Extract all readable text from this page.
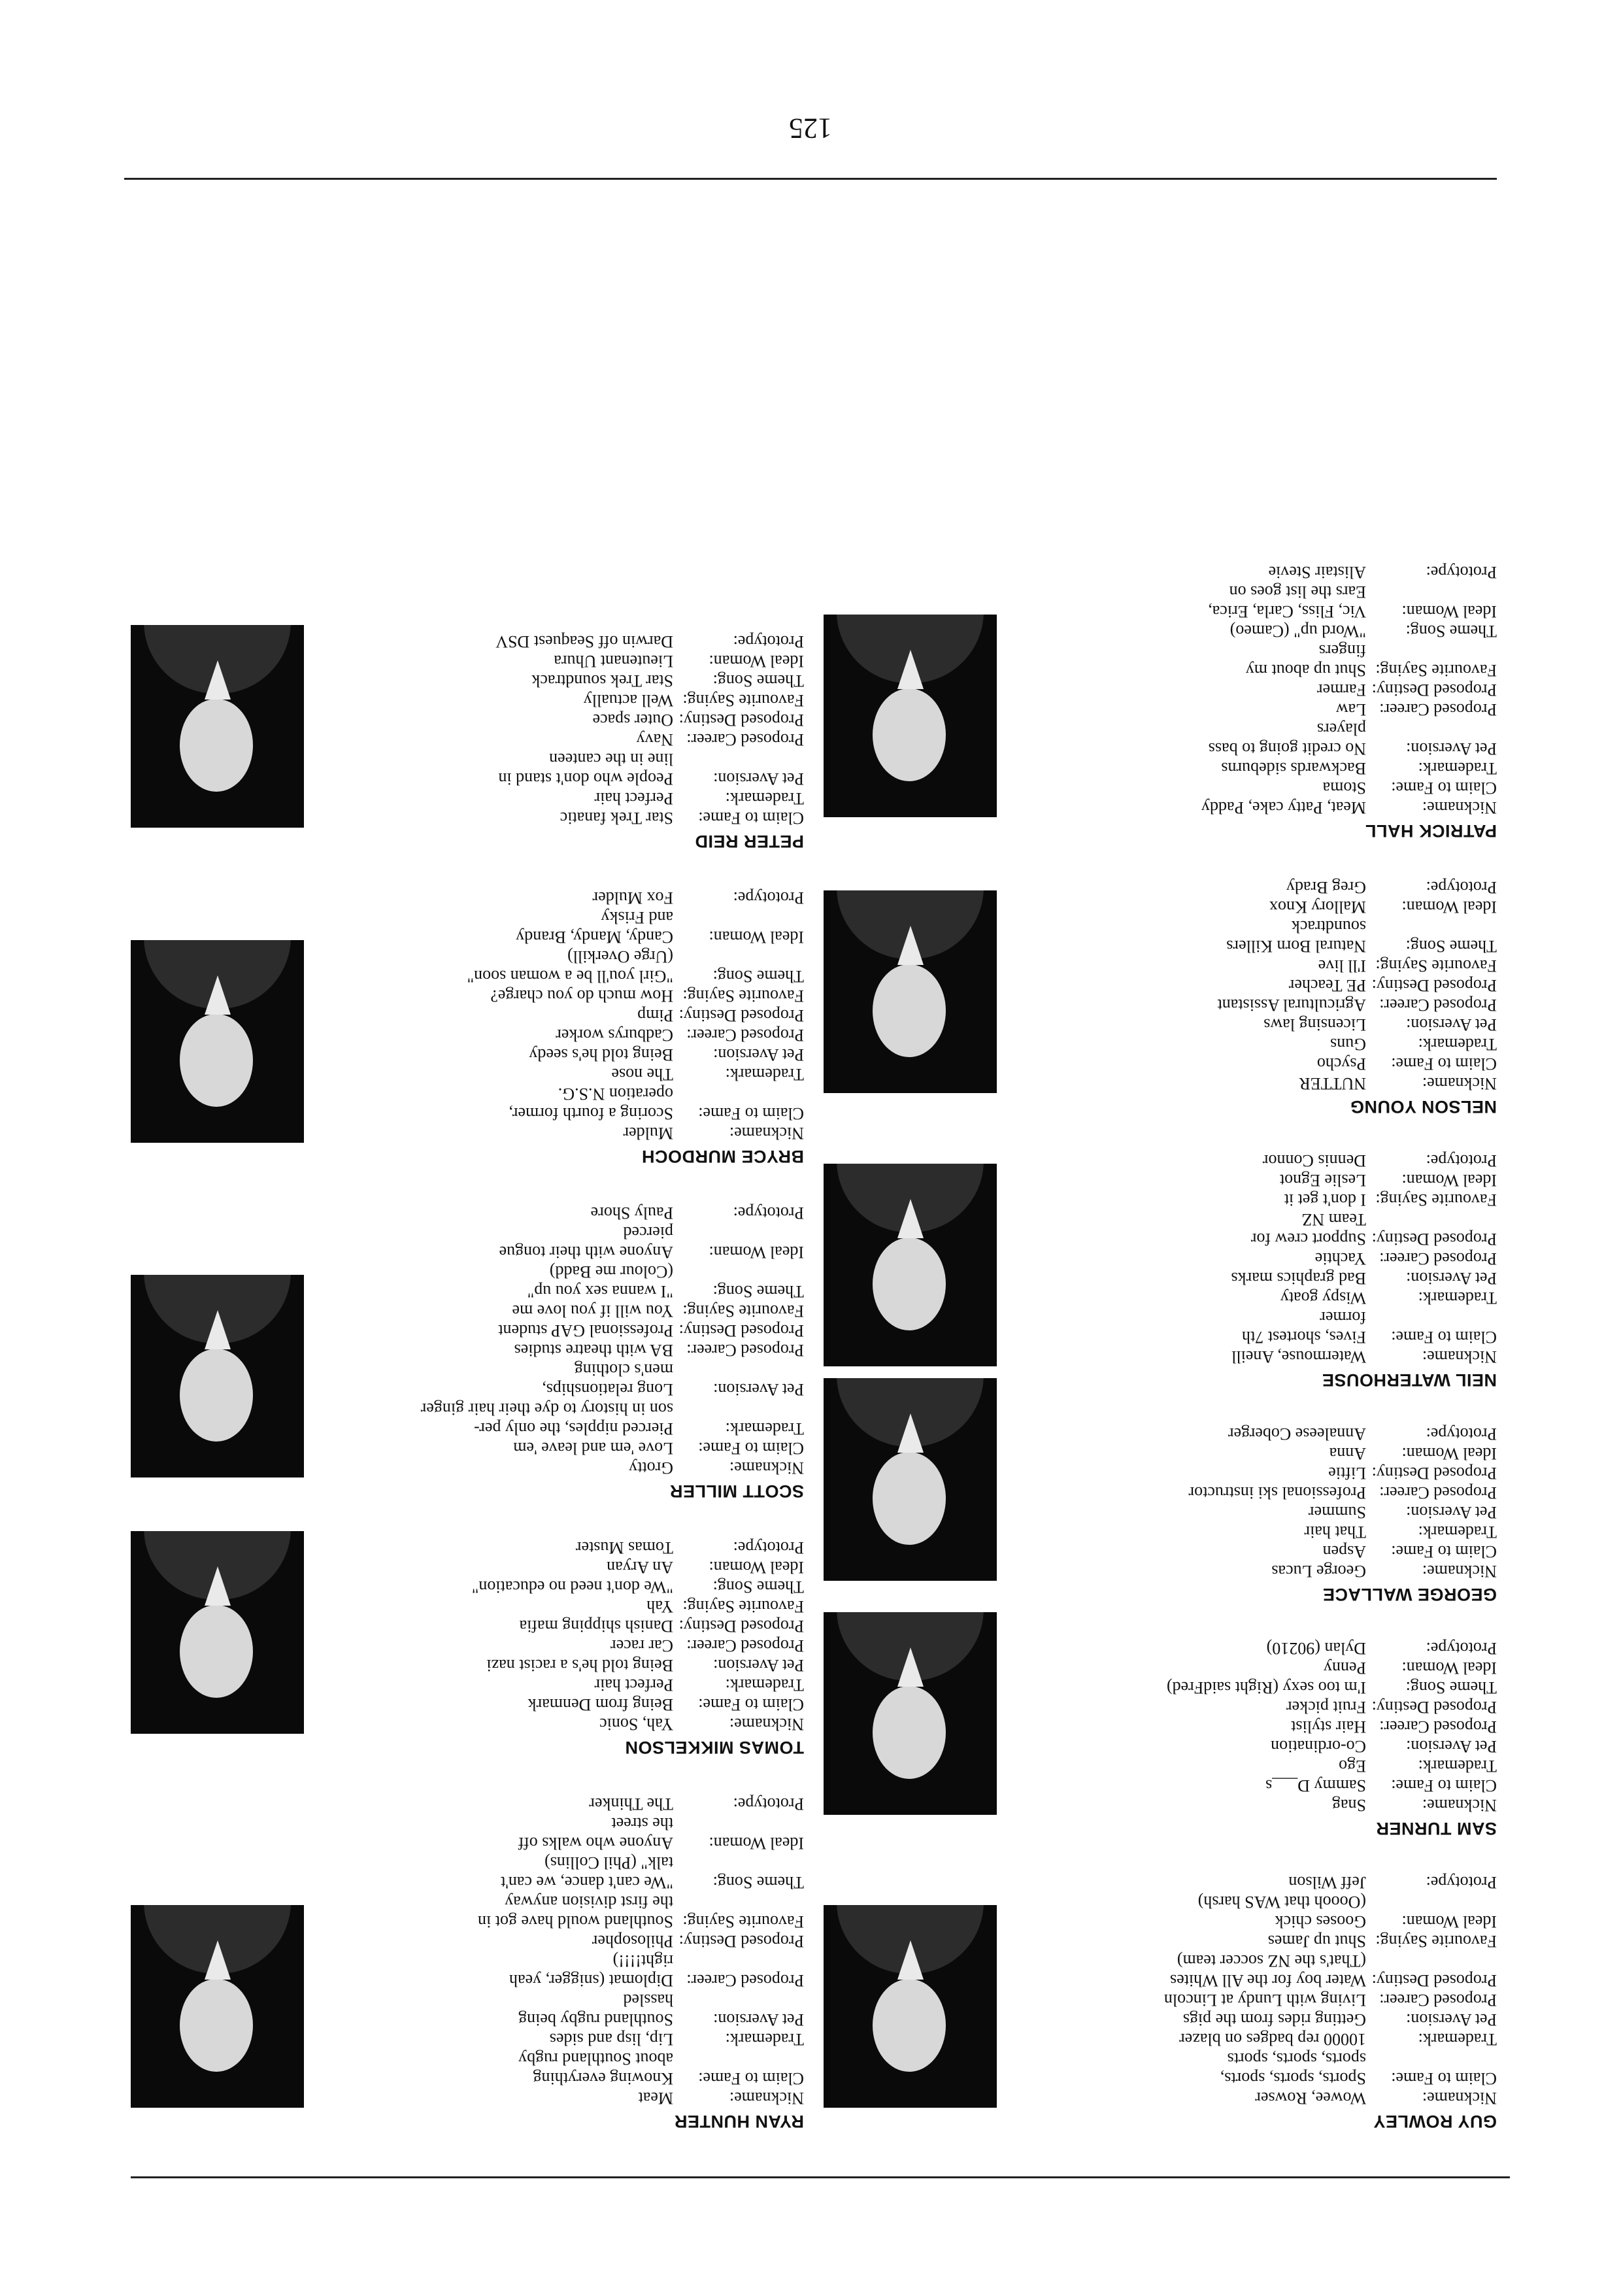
GUY ROWLEY
Nickname:
Wowee, Rowser
Claim to Fame:
Sports, sports, sports,
sports, sports, sports
Trademark:
10000 rep badges on blazer
Pet Aversion:
Getting rides from the pigs
Proposed Career:
Living with Lundy at Lincoln
Proposed Destiny:
Water boy for the All Whites
(That's the NZ soccer team)
Favourite Saying:
Shut up James
Ideal Woman:
Gooses chick
(Ooooh that WAS harsh)
Prototype:
Jeff Wilson
SAM TURNER
Nickname:
Snag
Claim to Fame:
Sammy D___s
Trademark:
Ego
Pet Aversion:
Co-ordination
Proposed Career:
Hair stylist
Proposed Destiny:
Fruit picker
Theme Song:
I'm too sexy (Right saidFred)
Ideal Woman:
Penny
Prototype:
Dylan (90210)
GEORGE WALLACE
Nickname:
George Lucas
Claim to Fame:
Aspen
Trademark:
That hair
Pet Aversion:
Summer
Proposed Career:
Professional ski instructor
Proposed Destiny:
Liftie
Ideal Woman:
Anna
Prototype:
Annaleese Coberger
NEIL WATERHOUSE
Nickname:
Watermouse, Aneill
Claim to Fame:
Fives, shortest 7th
former
Trademark:
Wispy goaty
Pet Aversion:
Bad graphics marks
Proposed Career:
Yachtie
Proposed Destiny:
Support crew for
Team NZ
Favourite Saying:
I don't get it
Ideal Woman:
Leslie Egnot
Prototype:
Dennis Connor
NELSON YOUNG
Nickname:
NUTTER
Claim to Fame:
Psycho
Trademark:
Guns
Pet Aversion:
Licensing laws
Proposed Career:
Agricultural Assistant
Proposed Destiny:
PE Teacher
Favourite Saying:
I'll live
Theme Song:
Natural Born Killers
soundtrack
Ideal Woman:
Mallory Knox
Prototype:
Greg Brady
PATRICK HALL
Nickname:
Meat, Patty cake, Paddy
Claim to Fame:
Stoma
Trademark:
Backwards sideburns
Pet Aversion:
No credit going to bass
players
Proposed Career:
Law
Proposed Destiny:
Farmer
Favourite Saying:
Shut up about my
fingers
Theme Song:
"Word up" (Cameo)
Ideal Woman:
Vic, Fliss, Carla, Erica,
Ears the list goes on
Prototype:
Alistair Stevie
RYAN HUNTER
Nickname:
Meat
Claim to Fame:
Knowing everything
about Southland rugby
Trademark:
Lip, lisp and sides
Pet Aversion:
Southland rugby being
hassled
Proposed Career:
Diplomat (snigger, yeah
right!!!!)
Proposed Destiny:
Philosopher
Favourite Saying:
Southland would have got in
the first division anyway
Theme Song:
"We can't dance, we can't
talk" (Phil Collins)
Ideal Woman:
Anyone who walks off
the street
Prototype:
The Thinker
TOMAS MIKKELSON
Nickname:
Yah, Sonic
Claim to Fame:
Being from Denmark
Trademark:
Perfect hair
Pet Aversion:
Being told he's a racist nazi
Proposed Career:
Car racer
Proposed Destiny:
Danish shipping mafia
Favourite Saying:
Yah
Theme Song:
"We don't need no education"
Ideal Woman:
An Aryan
Prototype:
Tomas Muster
SCOTT MILLER
Nickname:
Grotty
Claim to Fame:
Love 'em and leave 'em
Trademark:
Pierced nipples, the only per-
son in history to dye their hair ginger
Pet Aversion:
Long relationships,
men's clothing
Proposed Career:
BA with theatre studies
Proposed Destiny:
Professional GAP student
Favourite Saying:
You will if you love me
Theme Song:
"I wanna sex you up"
(Colour me Badd)
Ideal Woman:
Anyone with their tongue
pierced
Prototype:
Pauly Shore
BRYCE MURDOCH
Nickname:
Mulder
Claim to Fame:
Scoring a fourth former,
operation N.S.G.
Trademark:
The nose
Pet Aversion:
Being told he's seedy
Proposed Career:
Cadburys worker
Proposed Destiny:
Pimp
Favourite Saying:
How much do you charge?
Theme Song:
"Girl you'll be a woman soon"
(Urge Overkill)
Ideal Woman:
Candy, Mandy, Brandy
and Frisky
Prototype:
Fox Mulder
PETER REID
Claim to Fame:
Star Trek fanatic
Trademark:
Perfect hair
Pet Aversion:
People who don't stand in
line in the canteen
Proposed Career:
Navy
Proposed Destiny:
Outer space
Favourite Saying:
Well actually
Theme Song:
Star Trek soundtrack
Ideal Woman:
Lieutenant Uhura
Prototype:
Darwin off Seaquest DSV
125
